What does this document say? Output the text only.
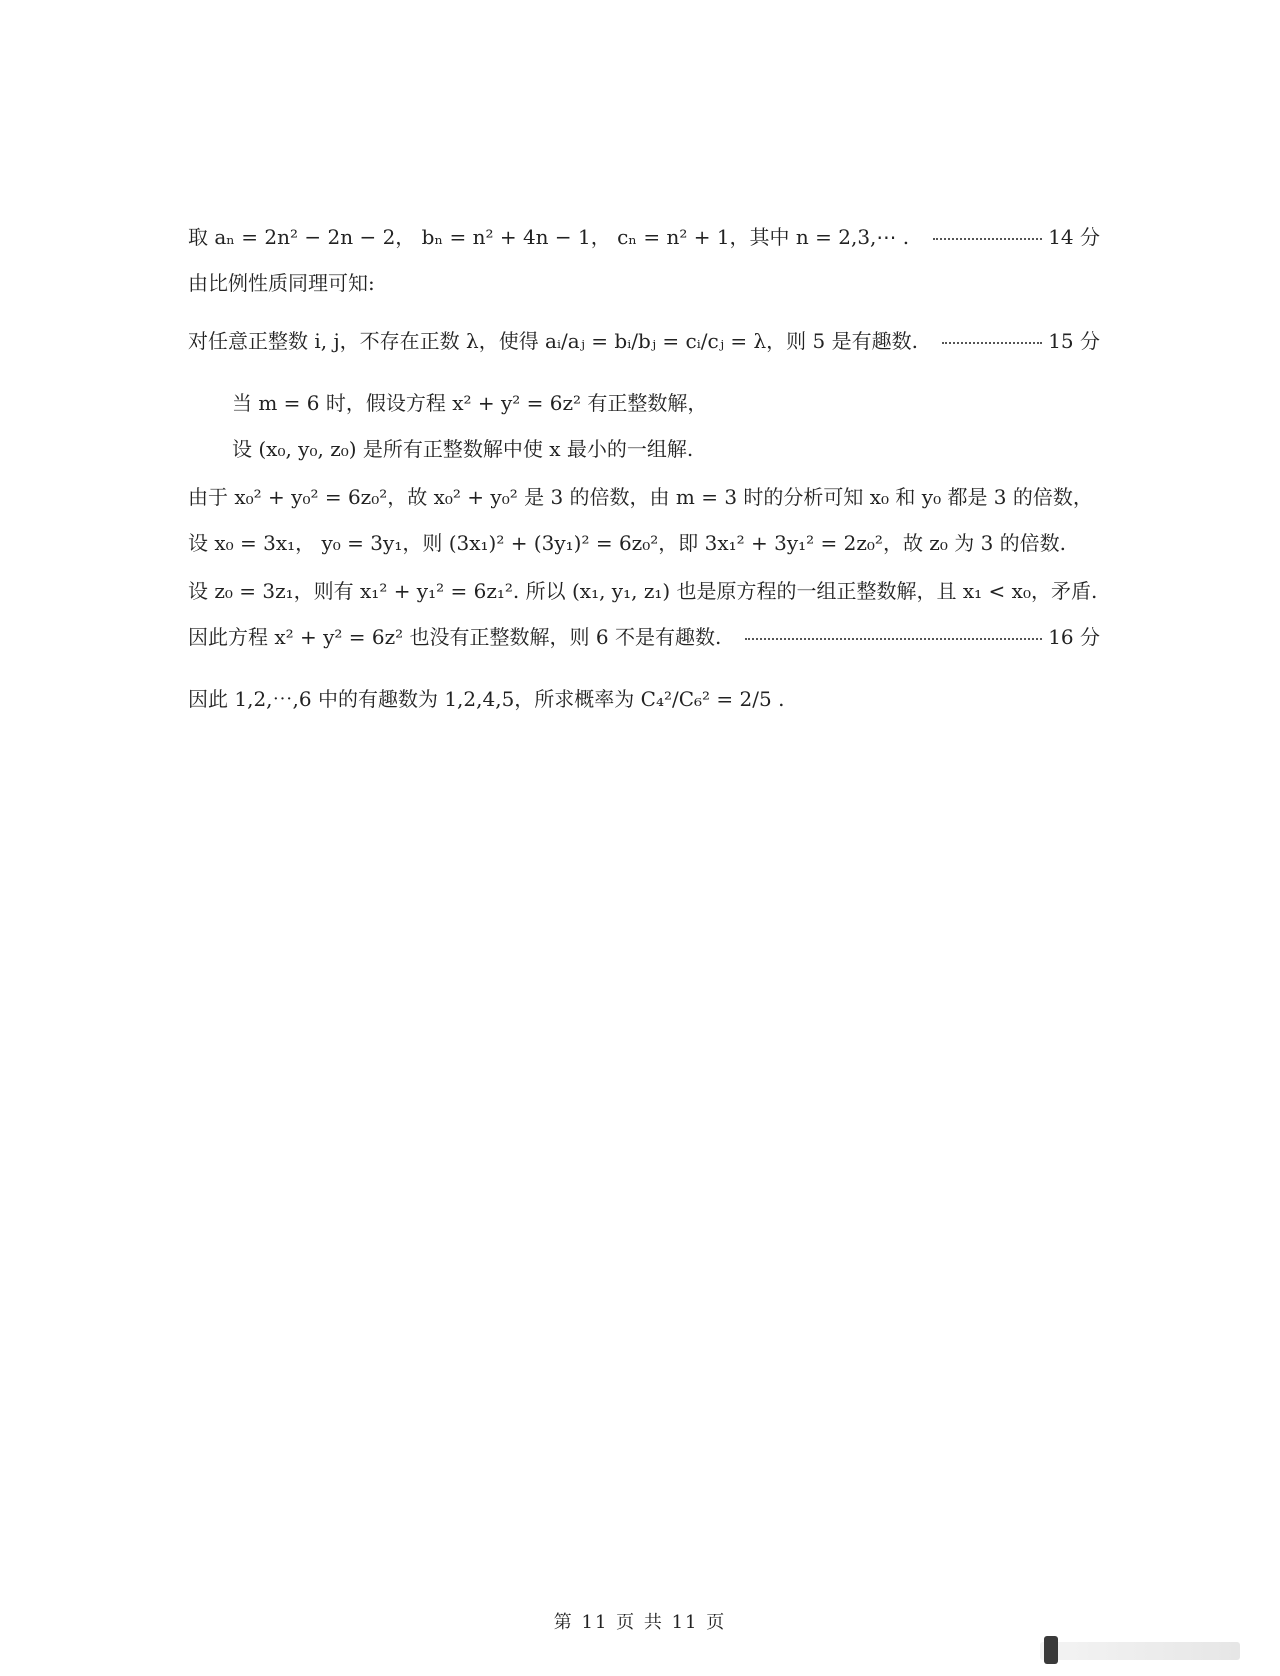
取 aₙ = 2n² − 2n − 2， bₙ = n² + 4n − 1， cₙ = n² + 1，其中 n = 2,3,⋯ .	14 分
由比例性质同理可知:
对任意正整数 i, j，不存在正数 λ，使得 aᵢ/aⱼ = bᵢ/bⱼ = cᵢ/cⱼ = λ，则 5 是有趣数.	15 分
当 m = 6 时，假设方程 x² + y² = 6z² 有正整数解，
设 (x₀, y₀, z₀) 是所有正整数解中使 x 最小的一组解.
由于 x₀² + y₀² = 6z₀²，故 x₀² + y₀² 是 3 的倍数，由 m = 3 时的分析可知 x₀ 和 y₀ 都是 3 的倍数，
设 x₀ = 3x₁， y₀ = 3y₁，则 (3x₁)² + (3y₁)² = 6z₀²，即 3x₁² + 3y₁² = 2z₀²，故 z₀ 为 3 的倍数.
设 z₀ = 3z₁，则有 x₁² + y₁² = 6z₁². 所以 (x₁, y₁, z₁) 也是原方程的一组正整数解，且 x₁ < x₀，矛盾.
因此方程 x² + y² = 6z² 也没有正整数解，则 6 不是有趣数.	16 分
因此 1,2,⋯,6 中的有趣数为 1,2,4,5，所求概率为 C₄²/C₆² = 2/5 .
第 11 页 共 11 页
